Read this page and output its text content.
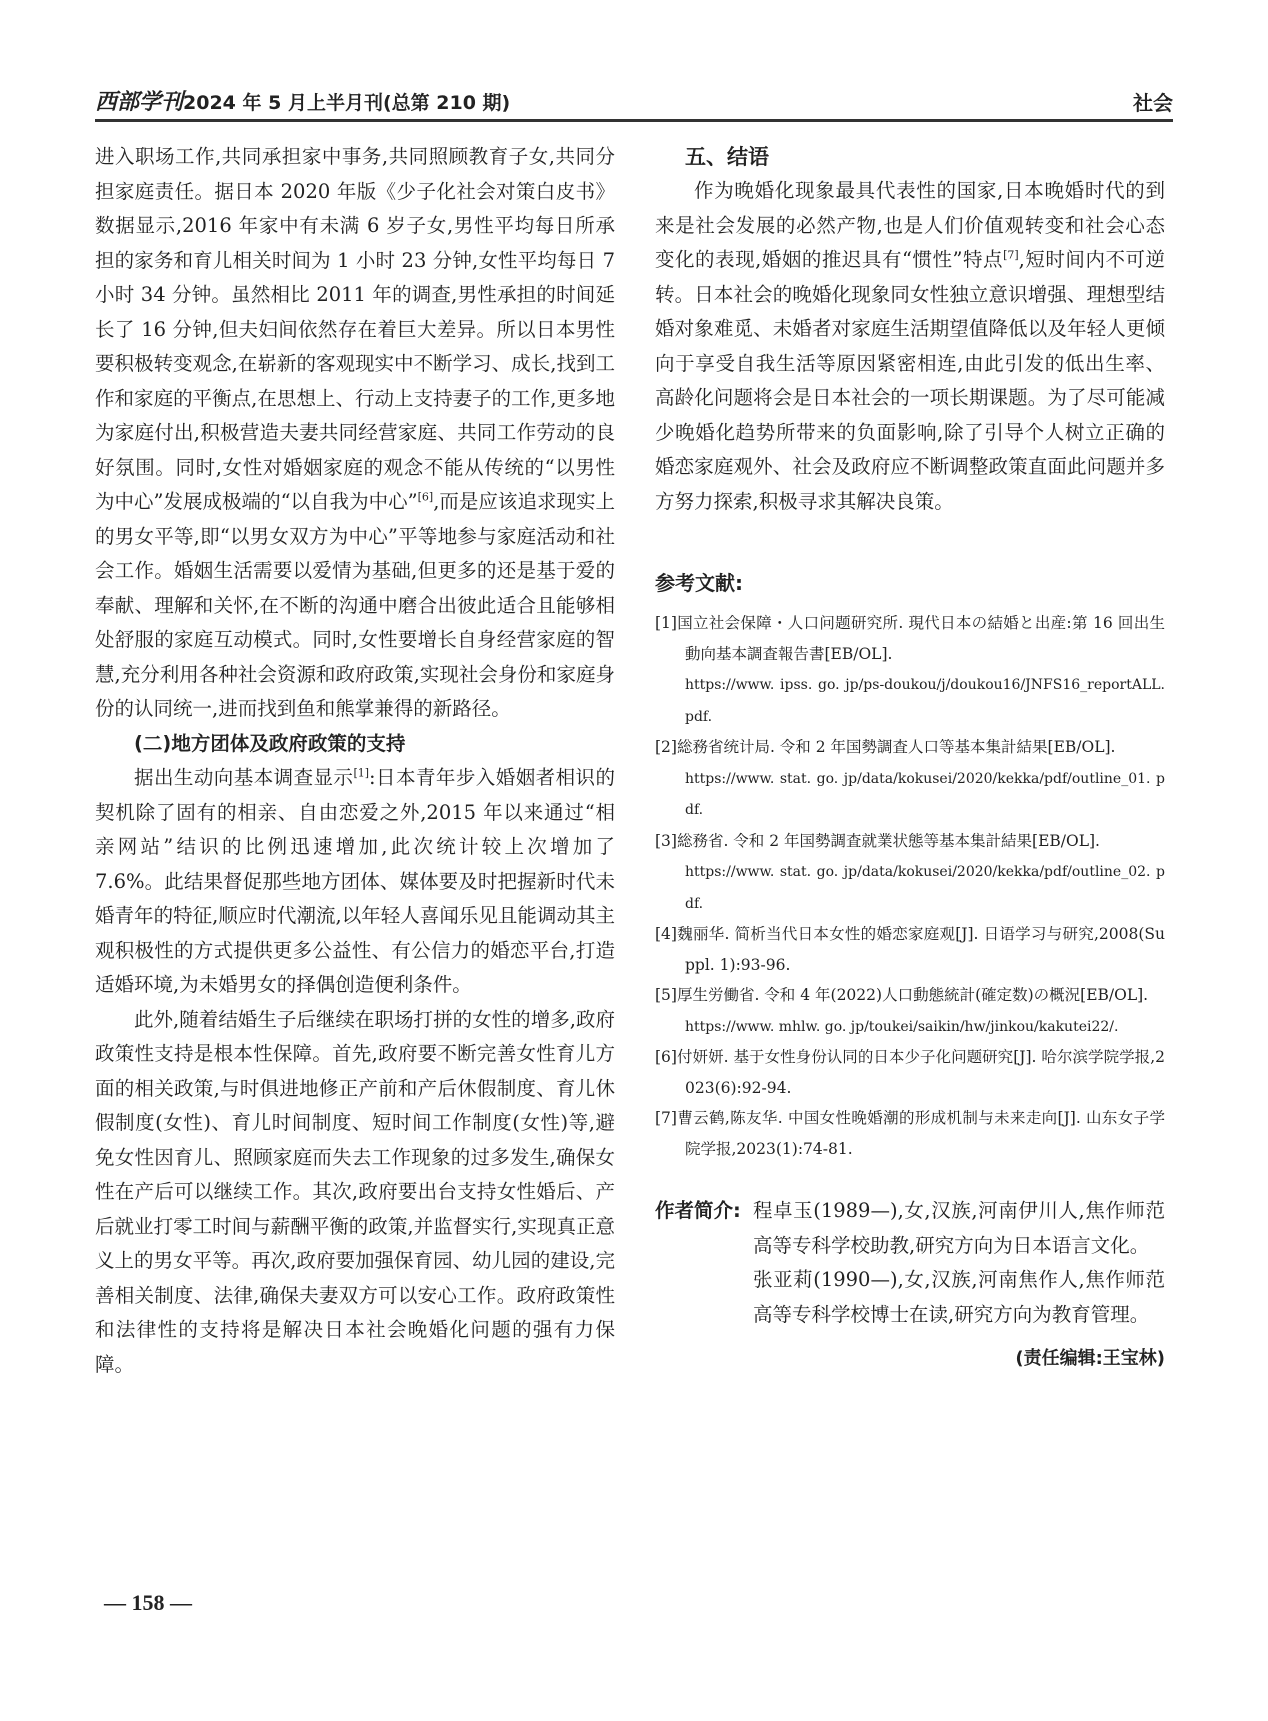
西部学刊2024 年 5 月上半月刊(总第 210 期)	社会

进入职场工作,共同承担家中事务,共同照顾教育子女,共同分担家庭责任。据日本 2020 年版《少子化社会对策白皮书》数据显示,2016 年家中有未满 6 岁子女,男性平均每日所承担的家务和育儿相关时间为 1 小时 23 分钟,女性平均每日 7 小时 34 分钟。虽然相比 2011 年的调查,男性承担的时间延长了 16 分钟,但夫妇间依然存在着巨大差异。所以日本男性要积极转变观念,在崭新的客观现实中不断学习、成长,找到工作和家庭的平衡点,在思想上、行动上支持妻子的工作,更多地为家庭付出,积极营造夫妻共同经营家庭、共同工作劳动的良好氛围。同时,女性对婚姻家庭的观念不能从传统的“以男性为中心”发展成极端的“以自我为中心”[6],而是应该追求现实上的男女平等,即“以男女双方为中心”平等地参与家庭活动和社会工作。婚姻生活需要以爱情为基础,但更多的还是基于爱的奉献、理解和关怀,在不断的沟通中磨合出彼此适合且能够相处舒服的家庭互动模式。同时,女性要增长自身经营家庭的智慧,充分利用各种社会资源和政府政策,实现社会身份和家庭身份的认同统一,进而找到鱼和熊掌兼得的新路径。

(二)地方团体及政府政策的支持

据出生动向基本调查显示[1]:日本青年步入婚姻者相识的契机除了固有的相亲、自由恋爱之外,2015 年以来通过“相亲网站”结识的比例迅速增加,此次统计较上次增加了 7.6%。此结果督促那些地方团体、媒体要及时把握新时代未婚青年的特征,顺应时代潮流,以年轻人喜闻乐见且能调动其主观积极性的方式提供更多公益性、有公信力的婚恋平台,打造适婚环境,为未婚男女的择偶创造便利条件。

此外,随着结婚生子后继续在职场打拼的女性的增多,政府政策性支持是根本性保障。首先,政府要不断完善女性育儿方面的相关政策,与时俱进地修正产前和产后休假制度、育儿休假制度(女性)、育儿时间制度、短时间工作制度(女性)等,避免女性因育儿、照顾家庭而失去工作现象的过多发生,确保女性在产后可以继续工作。其次,政府要出台支持女性婚后、产后就业打零工时间与薪酬平衡的政策,并监督实行,实现真正意义上的男女平等。再次,政府要加强保育园、幼儿园的建设,完善相关制度、法律,确保夫妻双方可以安心工作。政府政策性和法律性的支持将是解决日本社会晚婚化问题的强有力保障。

五、结语

作为晚婚化现象最具代表性的国家,日本晚婚时代的到来是社会发展的必然产物,也是人们价值观转变和社会心态变化的表现,婚姻的推迟具有“惯性”特点[7],短时间内不可逆转。日本社会的晚婚化现象同女性独立意识增强、理想型结婚对象难觅、未婚者对家庭生活期望值降低以及年轻人更倾向于享受自我生活等原因紧密相连,由此引发的低出生率、高龄化问题将会是日本社会的一项长期课题。为了尽可能减少晚婚化趋势所带来的负面影响,除了引导个人树立正确的婚恋家庭观外、社会及政府应不断调整政策直面此问题并多方努力探索,积极寻求其解决良策。

参考文献:
[1]国立社会保障・人口问题研究所. 現代日本の結婚と出産:第 16 回出生動向基本調査報告書[EB/OL].
https://www. ipss. go. jp/ps-doukou/j/doukou16/JNFS16_reportALL. pdf.
[2]総務省统计局. 令和 2 年国勢調査人口等基本集計結果[EB/OL].
https://www. stat. go. jp/data/kokusei/2020/kekka/pdf/outline_01. pdf.
[3]総務省. 令和 2 年国勢調査就業状態等基本集計結果[EB/OL].
https://www. stat. go. jp/data/kokusei/2020/kekka/pdf/outline_02. pdf.
[4]魏丽华. 简析当代日本女性的婚恋家庭观[J]. 日语学习与研究,2008(Suppl. 1):93-96.
[5]厚生労働省. 令和 4 年(2022)人口動態統計(確定数)の概況[EB/OL].
https://www. mhlw. go. jp/toukei/saikin/hw/jinkou/kakutei22/.
[6]付妍妍. 基于女性身份认同的日本少子化问题研究[J]. 哈尔滨学院学报,2023(6):92-94.
[7]曹云鹤,陈友华. 中国女性晚婚潮的形成机制与未来走向[J]. 山东女子学院学报,2023(1):74-81.
作者简介: 程卓玉(1989—),女,汉族,河南伊川人,焦作师范高等专科学校助教,研究方向为日本语言文化。

张亚莉(1990—),女,汉族,河南焦作人,焦作师范高等专科学校博士在读,研究方向为教育管理。

(责任编辑:王宝林)
— 158 —
